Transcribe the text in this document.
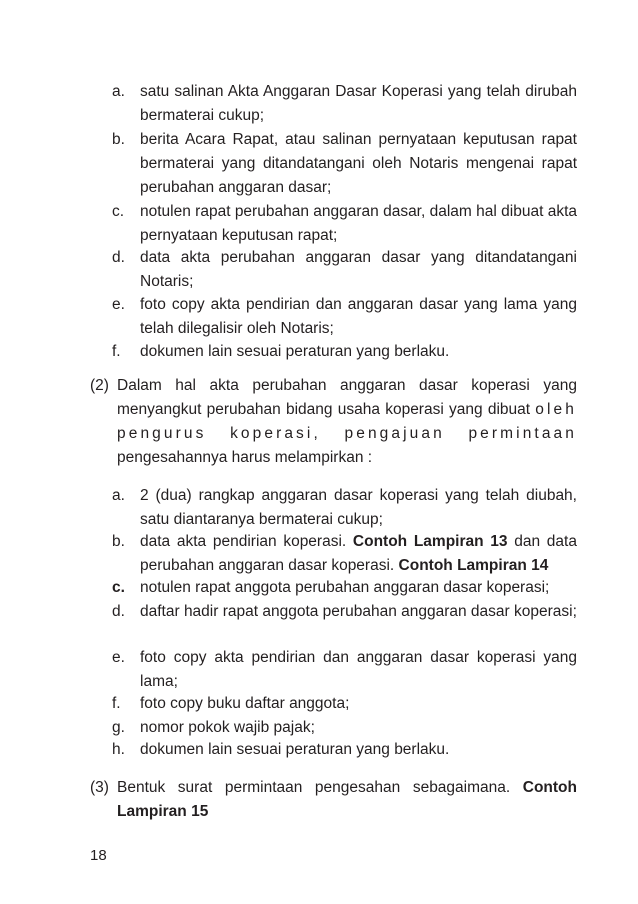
a. satu salinan Akta Anggaran Dasar Koperasi yang telah dirubah bermaterai cukup;
b. berita Acara Rapat, atau salinan pernyataan keputusan rapat bermaterai yang ditandatangani oleh Notaris mengenai rapat perubahan anggaran dasar;
c.	notulen rapat perubahan anggaran dasar, dalam hal dibuat akta pernyataan keputusan rapat;
d. data akta perubahan anggaran dasar yang ditandatangani Notaris;
e. foto copy akta pendirian dan anggaran dasar yang lama yang telah dilegalisir oleh Notaris;
f.	dokumen lain sesuai peraturan yang berlaku.
(2) Dalam hal akta perubahan anggaran dasar koperasi yang menyangkut perubahan bidang usaha koperasi yang dibuat oleh pengurus koperasi, pengajuan permintaan pengesahannya harus melampirkan :
a. 2 (dua) rangkap anggaran dasar koperasi yang telah diubah, satu diantaranya bermaterai cukup;
b. data akta pendirian koperasi. Contoh Lampiran 13 dan data perubahan anggaran dasar koperasi. Contoh Lampiran 14
c. notulen rapat anggota perubahan anggaran dasar koperasi;
d. daftar hadir rapat anggota perubahan anggaran dasar koperasi;
e. foto copy akta pendirian dan anggaran dasar koperasi yang lama;
f.	foto copy buku daftar anggota;
g. nomor pokok wajib pajak;
h. dokumen lain sesuai peraturan yang berlaku.
(3) Bentuk surat permintaan pengesahan sebagaimana. Contoh Lampiran 15
18
